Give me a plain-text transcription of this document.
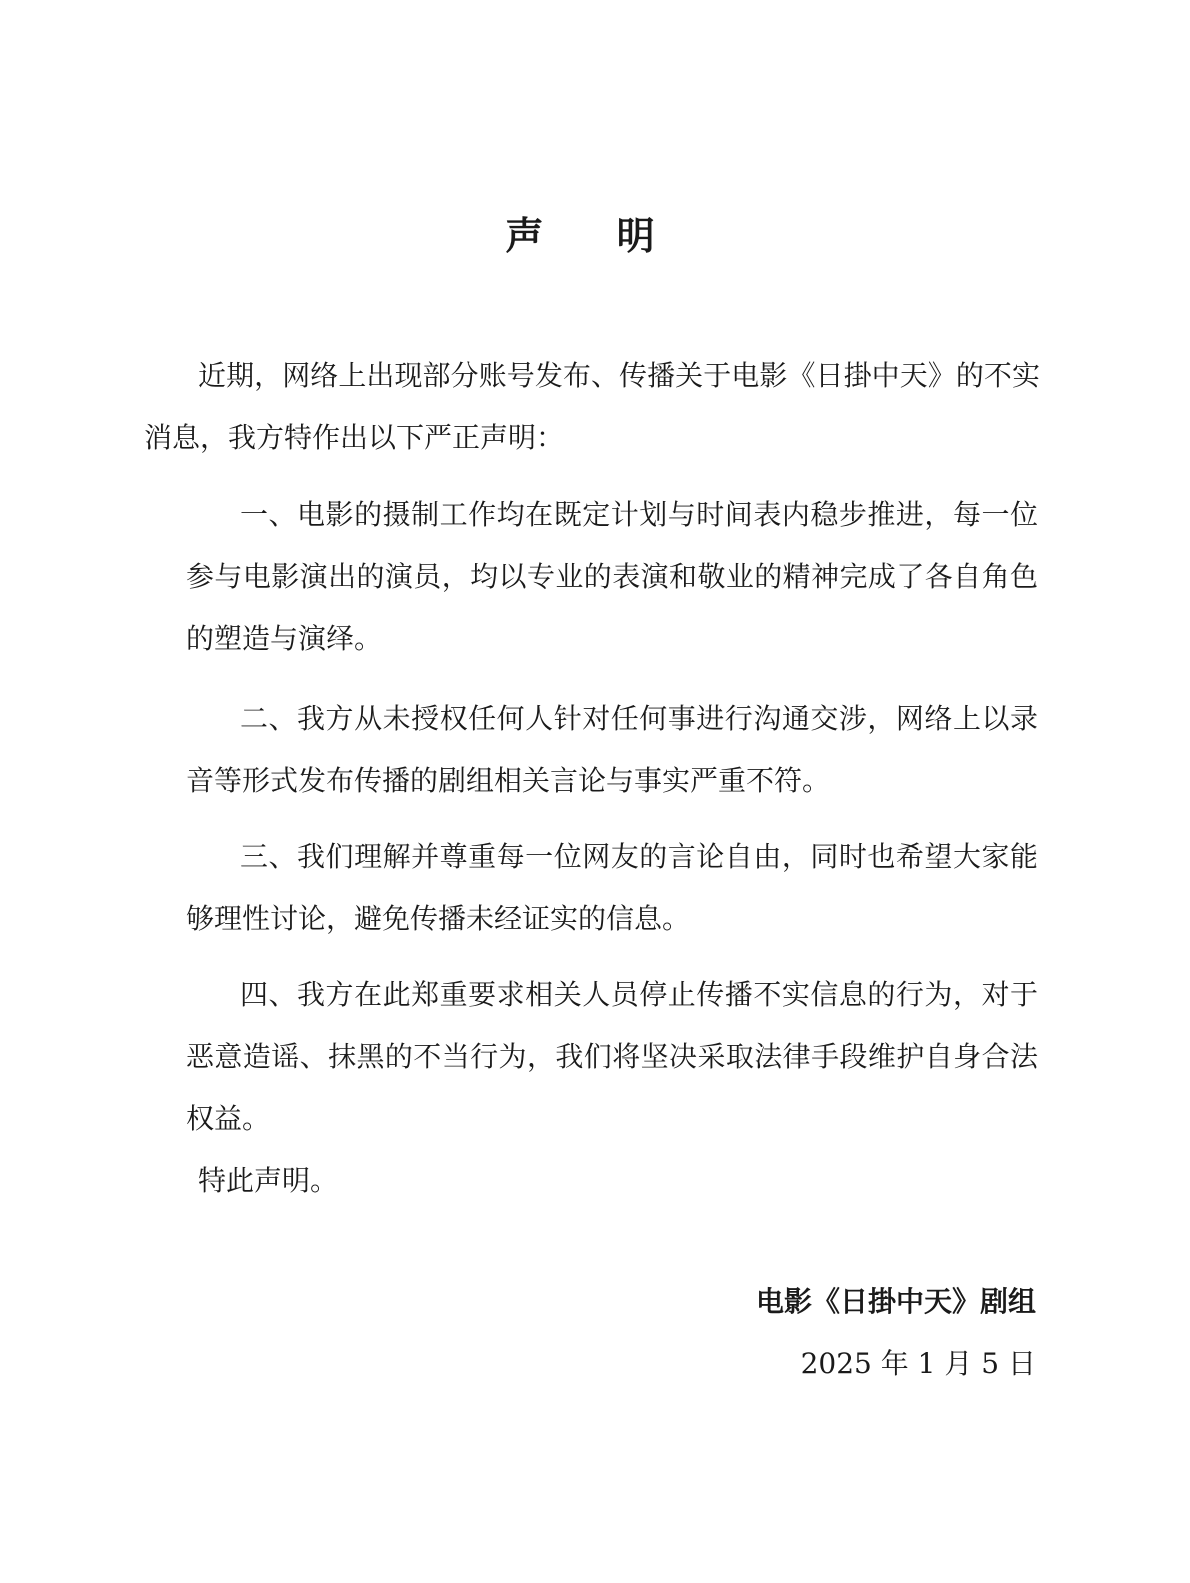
声 明

近期，网络上出现部分账号发布、传播关于电影《日掛中天》的不实消息，我方特作出以下严正声明：

一、电影的摄制工作均在既定计划与时间表内稳步推进，每一位参与电影演出的演员，均以专业的表演和敬业的精神完成了各自角色的塑造与演绎。

二、我方从未授权任何人针对任何事进行沟通交涉，网络上以录音等形式发布传播的剧组相关言论与事实严重不符。

三、我们理解并尊重每一位网友的言论自由，同时也希望大家能够理性讨论，避免传播未经证实的信息。

四、我方在此郑重要求相关人员停止传播不实信息的行为，对于恶意造谣、抹黑的不当行为，我们将坚决采取法律手段维护自身合法权益。

特此声明。
电影《日掛中天》剧组
2025 年 1 月 5 日
